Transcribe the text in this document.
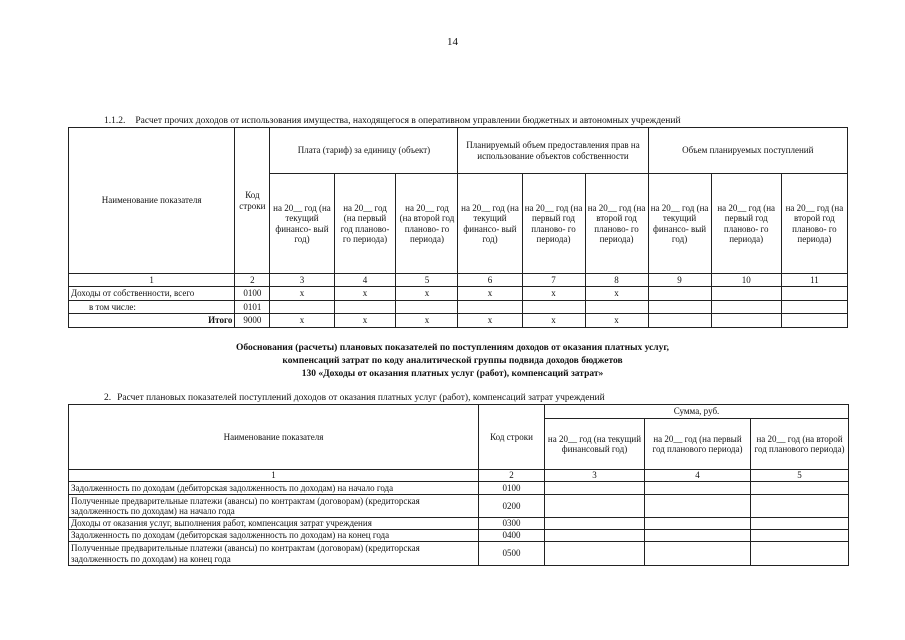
14
1.1.2. Расчет прочих доходов от использования имущества, находящегося в оперативном управлении бюджетных и автономных учреждений
Наименование показателя	Код строки	Плата (тариф) за единицу (объект)			Планируемый объем предоставления прав на использование объектов собственности			Объем планируемых поступлений		
		на 20__ год (на текущий финансо- вый год)	на 20__ год (на первый год планово- го периода)	на 20__ год (на второй год планово- го периода)	на 20__ год (на текущий финансо- вый год)	на 20__ год (на первый год планово- го периода)	на 20__ год (на второй год планово- го периода)	на 20__ год (на текущий финансо- вый год)	на 20__ год (на первый год планово- го периода)	на 20__ год (на второй год планово- го периода)
1	2	3	4	5	6	7	8	9	10	11
Доходы от собственности, всего	0100	x	x	x	x	x	x			
в том числе:	0101									
Итого	9000	x	x	x	x	x	x			
Обоснования (расчеты) плановых показателей по поступлениям доходов от оказания платных услуг,
компенсаций затрат по коду аналитической группы подвида доходов бюджетов
130 «Доходы от оказания платных услуг (работ), компенсаций затрат»
2. Расчет плановых показателей поступлений доходов от оказания платных услуг (работ), компенсаций затрат учреждений
Наименование показателя	Код строки	Сумма, руб.		
		на 20__ год (на текущий финансовый год)	на 20__ год (на первый год планового периода)	на 20__ год (на второй год планового периода)
1	2	3	4	5
Задолженность по доходам (дебиторская задолженность по доходам) на начало года	0100			
Полученные предварительные платежи (авансы) по контрактам (договорам) (кредиторская задолженность по доходам) на начало года	0200			
Доходы от оказания услуг, выполнения работ, компенсация затрат учреждения	0300			
Задолженность по доходам (дебиторская задолженность по доходам) на конец года	0400			
Полученные предварительные платежи (авансы) по контрактам (договорам) (кредиторская задолженность по доходам) на конец года	0500			
